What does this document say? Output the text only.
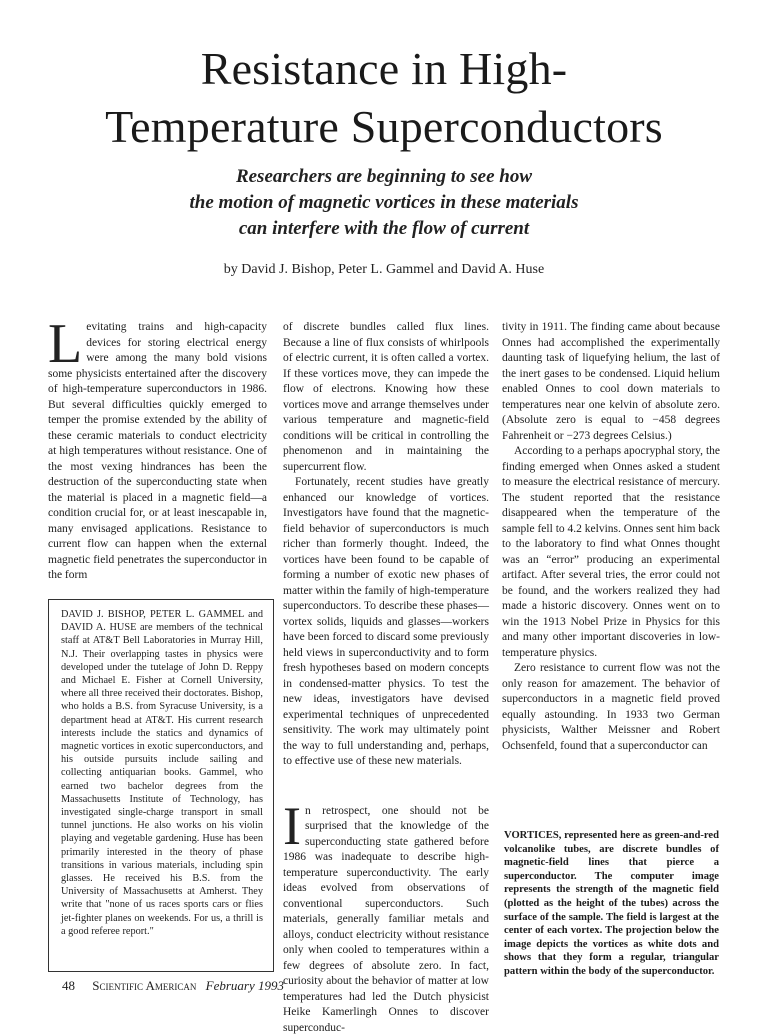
Resistance in High-
Temperature Superconductors
Researchers are beginning to see how
the motion of magnetic vortices in these materials
can interfere with the flow of current
by David J. Bishop, Peter L. Gammel and David A. Huse

Levitating trains and high-capacity devices for storing electrical energy were among the many bold visions some physicists entertained after the discovery of high-temperature superconductors in 1986. But several difficulties quickly emerged to temper the promise extended by the ability of these ceramic materials to conduct electricity at high temperatures without resistance. One of the most vexing hindrances has been the destruction of the superconducting state when the material is placed in a magnetic field—a condition crucial for, or at least inescapable in, many envisaged applications. Resistance to current flow can happen when the external magnetic field penetrates the superconductor in the form

DAVID J. BISHOP, PETER L. GAMMEL and DAVID A. HUSE are members of the technical staff at AT&T Bell Laboratories in Murray Hill, N.J. Their overlapping tastes in physics were developed under the tutelage of John D. Reppy and Michael E. Fisher at Cornell University, where all three received their doctorates. Bishop, who holds a B.S. from Syracuse University, is a department head at AT&T. His current research interests include the statics and dynamics of magnetic vortices in exotic superconductors, and his outside pursuits include sailing and collecting antiquarian books. Gammel, who earned two bachelor degrees from the Massachusetts Institute of Technology, has investigated single-charge transport in small tunnel junctions. He also works on his violin playing and vegetable gardening. Huse has been primarily interested in the theory of phase transitions in various materials, including spin glasses. He received his B.S. from the University of Massachusetts at Amherst. They write that "none of us races sports cars or flies jet-fighter planes on weekends. For us, a thrill is a good referee report."

of discrete bundles called flux lines. Because a line of flux consists of whirlpools of electric current, it is often called a vortex. If these vortices move, they can impede the flow of electrons. Knowing how these vortices move and arrange themselves under various temperature and magnetic-field conditions will be critical in controlling the phenomenon and in maintaining the supercurrent flow.

Fortunately, recent studies have greatly enhanced our knowledge of vortices. Investigators have found that the magnetic-field behavior of superconductors is much richer than formerly thought. Indeed, the vortices have been found to be capable of forming a number of exotic new phases of matter within the family of high-temperature superconductors. To describe these phases—vortex solids, liquids and glasses—workers have been forced to discard some previously held views in superconductivity and to form fresh hypotheses based on modern concepts in condensed-matter physics. To test the new ideas, investigators have devised experimental techniques of unprecedented sensitivity. The work may ultimately point the way to full understanding and, perhaps, to effective use of these new materials.

In retrospect, one should not be surprised that the knowledge of the superconducting state gathered before 1986 was inadequate to describe high-temperature superconductivity. The early ideas evolved from observations of conventional superconductors. Such materials, generally familiar metals and alloys, conduct electricity without resistance only when cooled to temperatures within a few degrees of absolute zero. In fact, curiosity about the behavior of matter at low temperatures had led the Dutch physicist Heike Kamerlingh Onnes to discover superconduc-

tivity in 1911. The finding came about because Onnes had accomplished the experimentally daunting task of liquefying helium, the last of the inert gases to be condensed. Liquid helium enabled Onnes to cool down materials to temperatures near one kelvin of absolute zero. (Absolute zero is equal to −458 degrees Fahrenheit or −273 degrees Celsius.)

According to a perhaps apocryphal story, the finding emerged when Onnes asked a student to measure the electrical resistance of mercury. The student reported that the resistance disappeared when the temperature of the sample fell to 4.2 kelvins. Onnes sent him back to the laboratory to find what Onnes thought was an “error” producing an experimental artifact. After several tries, the error could not be found, and the workers realized they had made a historic discovery. Onnes went on to win the 1913 Nobel Prize in Physics for this and many other important discoveries in low-temperature physics.

Zero resistance to current flow was not the only reason for amazement. The behavior of superconductors in a magnetic field proved equally astounding. In 1933 two German physicists, Walther Meissner and Robert Ochsenfeld, found that a superconductor can

VORTICES, represented here as green-and-red volcanolike tubes, are discrete bundles of magnetic-field lines that pierce a superconductor. The computer image represents the strength of the magnetic field (plotted as the height of the tubes) across the surface of the sample. The field is largest at the center of each vortex. The projection below the image depicts the vortices as white dots and shows that they form a regular, triangular pattern within the body of the superconductor.

48 Scientific American February 1993
